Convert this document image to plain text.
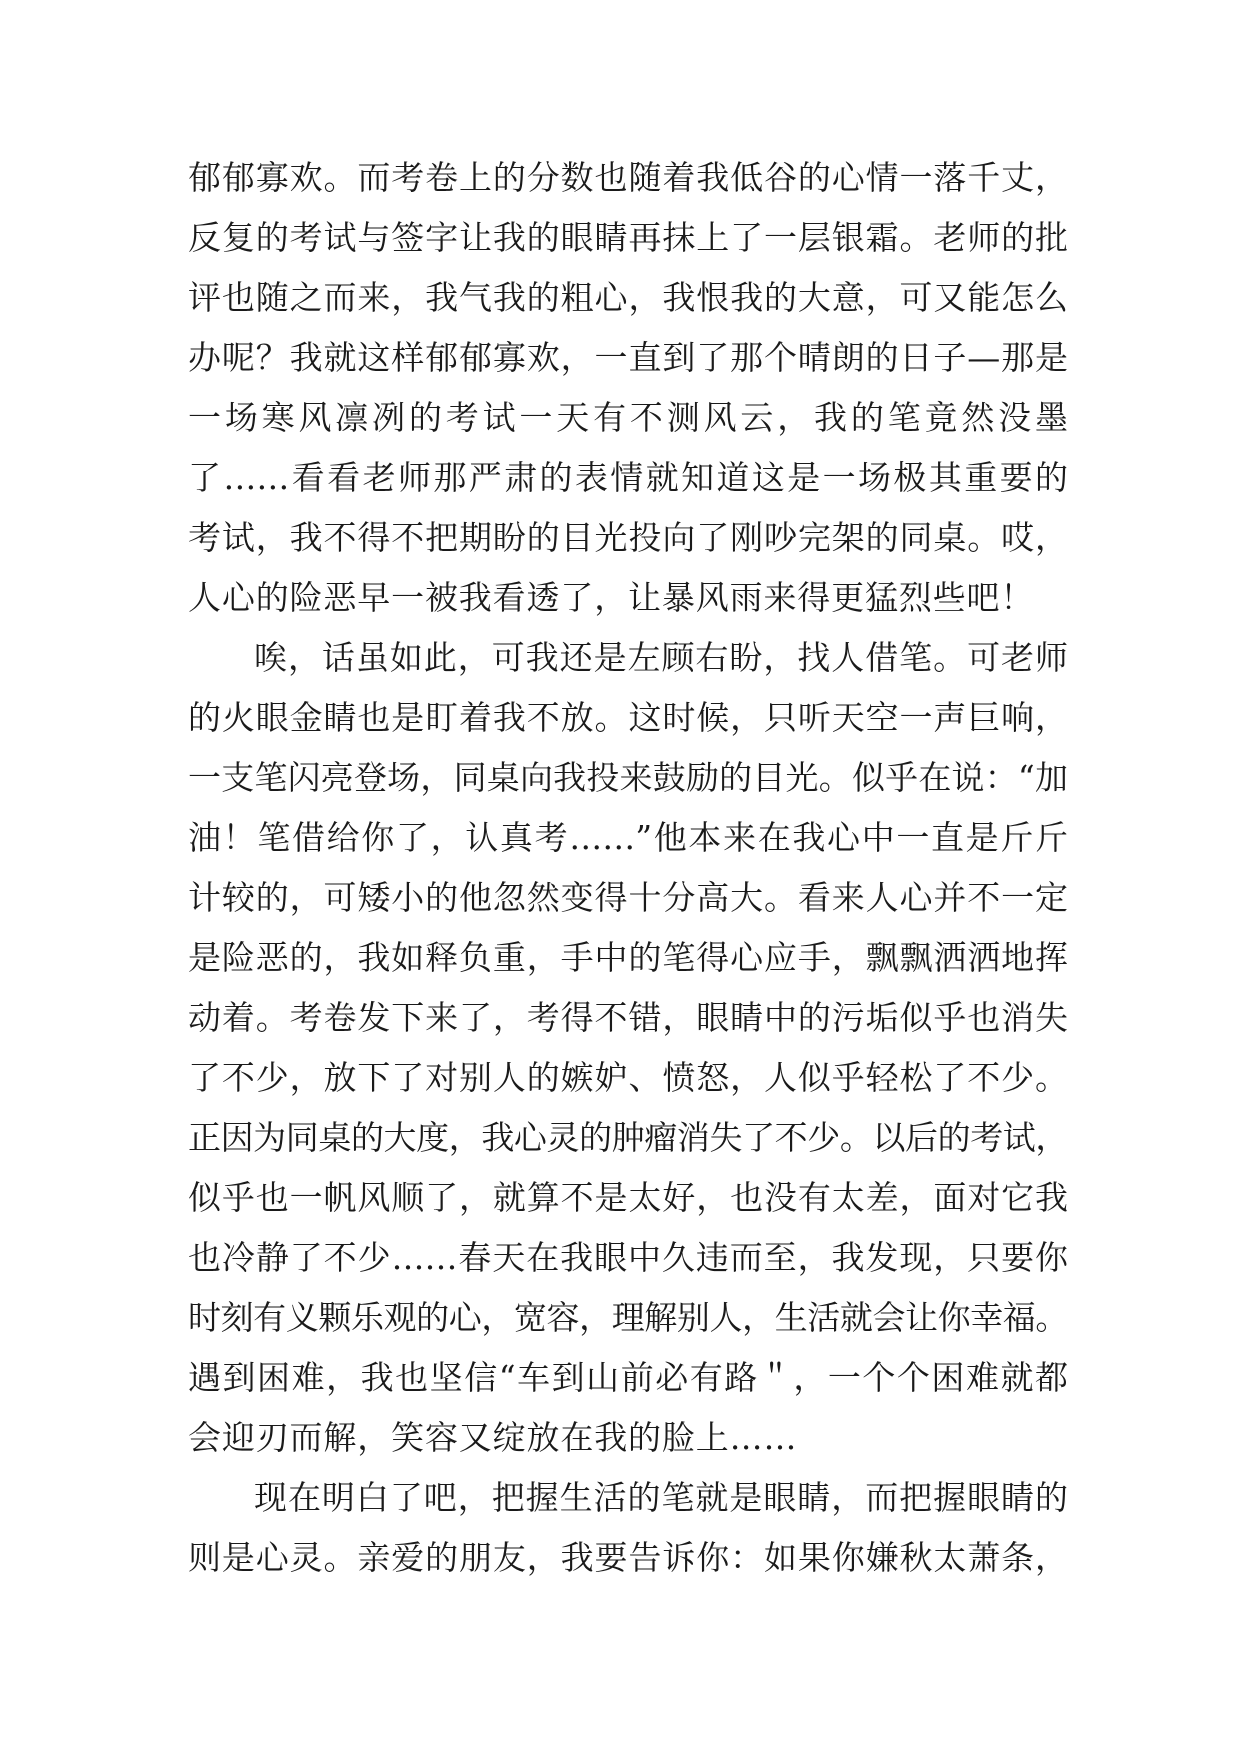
郁郁寡欢。而考卷上的分数也随着我低谷的心情一落千丈，
反复的考试与签字让我的眼睛再抹上了一层银霜。老师的批
评也随之而来，我气我的粗心，我恨我的大意，可又能怎么
办呢？我就这样郁郁寡欢，一直到了那个晴朗的日子—那是
一场寒风凛冽的考试一天有不测风云，我的笔竟然没墨
了……看看老师那严肃的表情就知道这是一场极其重要的
考试，我不得不把期盼的目光投向了刚吵完架的同桌。哎，
人心的险恶早一被我看透了，让暴风雨来得更猛烈些吧！
唉，话虽如此，可我还是左顾右盼，找人借笔。可老师
的火眼金睛也是盯着我不放。这时候，只听天空一声巨响，
一支笔闪亮登场，同桌向我投来鼓励的目光。似乎在说：“加
油！笔借给你了，认真考……”他本来在我心中一直是斤斤
计较的，可矮小的他忽然变得十分高大。看来人心并不一定
是险恶的，我如释负重，手中的笔得心应手，飘飘洒洒地挥
动着。考卷发下来了，考得不错，眼睛中的污垢似乎也消失
了不少，放下了对别人的嫉妒、愤怒，人似乎轻松了不少。
正因为同桌的大度，我心灵的肿瘤消失了不少。以后的考试，
似乎也一帆风顺了，就算不是太好，也没有太差，面对它我
也冷静了不少……春天在我眼中久违而至，我发现，只要你
时刻有义颗乐观的心，宽容，理解别人，生活就会让你幸福。
遇到困难，我也坚信“车到山前必有路＂，一个个困难就都
会迎刃而解，笑容又绽放在我的脸上……
现在明白了吧，把握生活的笔就是眼睛，而把握眼睛的
则是心灵。亲爱的朋友，我要告诉你：如果你嫌秋太萧条，
